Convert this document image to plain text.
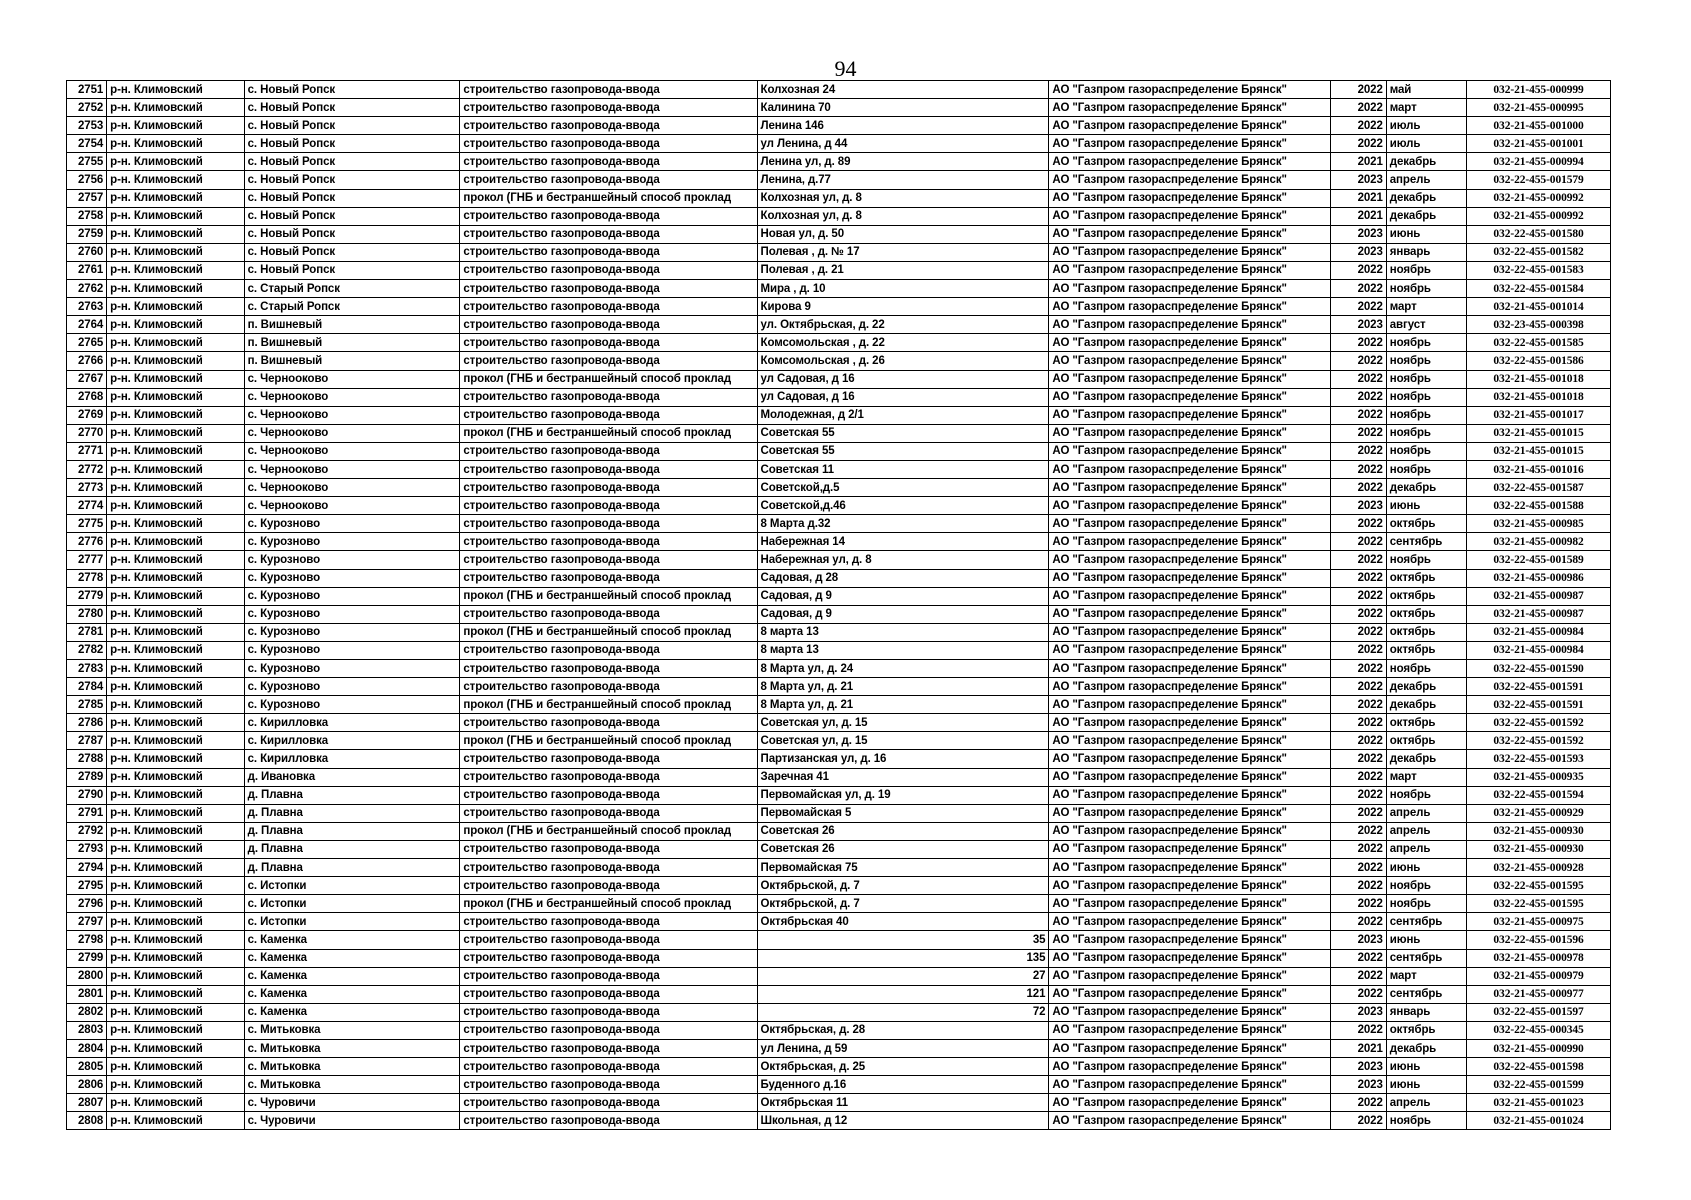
94
2751	р-н. Климовский	с. Новый Ропск	строительство газопровода-ввода	Колхозная 24	АО "Газпром газораспределение Брянск"	2022	май	032-21-455-000999
2752	р-н. Климовский	с. Новый Ропск	строительство газопровода-ввода	Калинина 70	АО "Газпром газораспределение Брянск"	2022	март	032-21-455-000995
2753	р-н. Климовский	с. Новый Ропск	строительство газопровода-ввода	Ленина 146	АО "Газпром газораспределение Брянск"	2022	июль	032-21-455-001000
2754	р-н. Климовский	с. Новый Ропск	строительство газопровода-ввода	ул Ленина, д 44	АО "Газпром газораспределение Брянск"	2022	июль	032-21-455-001001
2755	р-н. Климовский	с. Новый Ропск	строительство газопровода-ввода	Ленина ул, д. 89	АО "Газпром газораспределение Брянск"	2021	декабрь	032-21-455-000994
2756	р-н. Климовский	с. Новый Ропск	строительство газопровода-ввода	Ленина, д.77	АО "Газпром газораспределение Брянск"	2023	апрель	032-22-455-001579
2757	р-н. Климовский	с. Новый Ропск	прокол (ГНБ и бестраншейный способ проклад	Колхозная ул, д. 8	АО "Газпром газораспределение Брянск"	2021	декабрь	032-21-455-000992
2758	р-н. Климовский	с. Новый Ропск	строительство газопровода-ввода	Колхозная ул, д. 8	АО "Газпром газораспределение Брянск"	2021	декабрь	032-21-455-000992
2759	р-н. Климовский	с. Новый Ропск	строительство газопровода-ввода	Новая ул, д. 50	АО "Газпром газораспределение Брянск"	2023	июнь	032-22-455-001580
2760	р-н. Климовский	с. Новый Ропск	строительство газопровода-ввода	Полевая , д. № 17	АО "Газпром газораспределение Брянск"	2023	январь	032-22-455-001582
2761	р-н. Климовский	с. Новый Ропск	строительство газопровода-ввода	Полевая , д. 21	АО "Газпром газораспределение Брянск"	2022	ноябрь	032-22-455-001583
2762	р-н. Климовский	с. Старый Ропск	строительство газопровода-ввода	Мира , д. 10	АО "Газпром газораспределение Брянск"	2022	ноябрь	032-22-455-001584
2763	р-н. Климовский	с. Старый Ропск	строительство газопровода-ввода	Кирова 9	АО "Газпром газораспределение Брянск"	2022	март	032-21-455-001014
2764	р-н. Климовский	п. Вишневый	строительство газопровода-ввода	ул. Октябрьская, д. 22	АО "Газпром газораспределение Брянск"	2023	август	032-23-455-000398
2765	р-н. Климовский	п. Вишневый	строительство газопровода-ввода	Комсомольская , д. 22	АО "Газпром газораспределение Брянск"	2022	ноябрь	032-22-455-001585
2766	р-н. Климовский	п. Вишневый	строительство газопровода-ввода	Комсомольская , д. 26	АО "Газпром газораспределение Брянск"	2022	ноябрь	032-22-455-001586
2767	р-н. Климовский	с. Чернооково	прокол (ГНБ и бестраншейный способ проклад	ул Садовая, д 16	АО "Газпром газораспределение Брянск"	2022	ноябрь	032-21-455-001018
2768	р-н. Климовский	с. Чернооково	строительство газопровода-ввода	ул Садовая, д 16	АО "Газпром газораспределение Брянск"	2022	ноябрь	032-21-455-001018
2769	р-н. Климовский	с. Чернооково	строительство газопровода-ввода	Молодежная, д 2/1	АО "Газпром газораспределение Брянск"	2022	ноябрь	032-21-455-001017
2770	р-н. Климовский	с. Чернооково	прокол (ГНБ и бестраншейный способ проклад	Советская 55	АО "Газпром газораспределение Брянск"	2022	ноябрь	032-21-455-001015
2771	р-н. Климовский	с. Чернооково	строительство газопровода-ввода	Советская 55	АО "Газпром газораспределение Брянск"	2022	ноябрь	032-21-455-001015
2772	р-н. Климовский	с. Чернооково	строительство газопровода-ввода	Советская 11	АО "Газпром газораспределение Брянск"	2022	ноябрь	032-21-455-001016
2773	р-н. Климовский	с. Чернооково	строительство газопровода-ввода	Советской,д.5	АО "Газпром газораспределение Брянск"	2022	декабрь	032-22-455-001587
2774	р-н. Климовский	с. Чернооково	строительство газопровода-ввода	Советской,д.46	АО "Газпром газораспределение Брянск"	2023	июнь	032-22-455-001588
2775	р-н. Климовский	с. Курозново	строительство газопровода-ввода	8 Марта д.32	АО "Газпром газораспределение Брянск"	2022	октябрь	032-21-455-000985
2776	р-н. Климовский	с. Курозново	строительство газопровода-ввода	Набережная 14	АО "Газпром газораспределение Брянск"	2022	сентябрь	032-21-455-000982
2777	р-н. Климовский	с. Курозново	строительство газопровода-ввода	Набережная ул, д. 8	АО "Газпром газораспределение Брянск"	2022	ноябрь	032-22-455-001589
2778	р-н. Климовский	с. Курозново	строительство газопровода-ввода	Садовая, д 28	АО "Газпром газораспределение Брянск"	2022	октябрь	032-21-455-000986
2779	р-н. Климовский	с. Курозново	прокол (ГНБ и бестраншейный способ проклад	Садовая, д 9	АО "Газпром газораспределение Брянск"	2022	октябрь	032-21-455-000987
2780	р-н. Климовский	с. Курозново	строительство газопровода-ввода	Садовая, д 9	АО "Газпром газораспределение Брянск"	2022	октябрь	032-21-455-000987
2781	р-н. Климовский	с. Курозново	прокол (ГНБ и бестраншейный способ проклад	8 марта 13	АО "Газпром газораспределение Брянск"	2022	октябрь	032-21-455-000984
2782	р-н. Климовский	с. Курозново	строительство газопровода-ввода	8 марта 13	АО "Газпром газораспределение Брянск"	2022	октябрь	032-21-455-000984
2783	р-н. Климовский	с. Курозново	строительство газопровода-ввода	8 Марта ул, д. 24	АО "Газпром газораспределение Брянск"	2022	ноябрь	032-22-455-001590
2784	р-н. Климовский	с. Курозново	строительство газопровода-ввода	8 Марта ул, д. 21	АО "Газпром газораспределение Брянск"	2022	декабрь	032-22-455-001591
2785	р-н. Климовский	с. Курозново	прокол (ГНБ и бестраншейный способ проклад	8 Марта ул, д. 21	АО "Газпром газораспределение Брянск"	2022	декабрь	032-22-455-001591
2786	р-н. Климовский	с. Кирилловка	строительство газопровода-ввода	Советская ул, д. 15	АО "Газпром газораспределение Брянск"	2022	октябрь	032-22-455-001592
2787	р-н. Климовский	с. Кирилловка	прокол (ГНБ и бестраншейный способ проклад	Советская ул, д. 15	АО "Газпром газораспределение Брянск"	2022	октябрь	032-22-455-001592
2788	р-н. Климовский	с. Кирилловка	строительство газопровода-ввода	Партизанская ул, д. 16	АО "Газпром газораспределение Брянск"	2022	декабрь	032-22-455-001593
2789	р-н. Климовский	д. Ивановка	строительство газопровода-ввода	Заречная 41	АО "Газпром газораспределение Брянск"	2022	март	032-21-455-000935
2790	р-н. Климовский	д. Плавна	строительство газопровода-ввода	Первомайская ул, д. 19	АО "Газпром газораспределение Брянск"	2022	ноябрь	032-22-455-001594
2791	р-н. Климовский	д. Плавна	строительство газопровода-ввода	Первомайская 5	АО "Газпром газораспределение Брянск"	2022	апрель	032-21-455-000929
2792	р-н. Климовский	д. Плавна	прокол (ГНБ и бестраншейный способ проклад	Советская 26	АО "Газпром газораспределение Брянск"	2022	апрель	032-21-455-000930
2793	р-н. Климовский	д. Плавна	строительство газопровода-ввода	Советская 26	АО "Газпром газораспределение Брянск"	2022	апрель	032-21-455-000930
2794	р-н. Климовский	д. Плавна	строительство газопровода-ввода	Первомайская 75	АО "Газпром газораспределение Брянск"	2022	июнь	032-21-455-000928
2795	р-н. Климовский	с. Истопки	строительство газопровода-ввода	Октябрьской, д. 7	АО "Газпром газораспределение Брянск"	2022	ноябрь	032-22-455-001595
2796	р-н. Климовский	с. Истопки	прокол (ГНБ и бестраншейный способ проклад	Октябрьской, д. 7	АО "Газпром газораспределение Брянск"	2022	ноябрь	032-22-455-001595
2797	р-н. Климовский	с. Истопки	строительство газопровода-ввода	Октябрьская 40	АО "Газпром газораспределение Брянск"	2022	сентябрь	032-21-455-000975
2798	р-н. Климовский	с. Каменка	строительство газопровода-ввода	35	АО "Газпром газораспределение Брянск"	2023	июнь	032-22-455-001596
2799	р-н. Климовский	с. Каменка	строительство газопровода-ввода	135	АО "Газпром газораспределение Брянск"	2022	сентябрь	032-21-455-000978
2800	р-н. Климовский	с. Каменка	строительство газопровода-ввода	27	АО "Газпром газораспределение Брянск"	2022	март	032-21-455-000979
2801	р-н. Климовский	с. Каменка	строительство газопровода-ввода	121	АО "Газпром газораспределение Брянск"	2022	сентябрь	032-21-455-000977
2802	р-н. Климовский	с. Каменка	строительство газопровода-ввода	72	АО "Газпром газораспределение Брянск"	2023	январь	032-22-455-001597
2803	р-н. Климовский	с. Митьковка	строительство газопровода-ввода	Октябрьская, д. 28	АО "Газпром газораспределение Брянск"	2022	октябрь	032-22-455-000345
2804	р-н. Климовский	с. Митьковка	строительство газопровода-ввода	ул Ленина, д 59	АО "Газпром газораспределение Брянск"	2021	декабрь	032-21-455-000990
2805	р-н. Климовский	с. Митьковка	строительство газопровода-ввода	Октябрьская, д. 25	АО "Газпром газораспределение Брянск"	2023	июнь	032-22-455-001598
2806	р-н. Климовский	с. Митьковка	строительство газопровода-ввода	Буденного д.16	АО "Газпром газораспределение Брянск"	2023	июнь	032-22-455-001599
2807	р-н. Климовский	с. Чуровичи	строительство газопровода-ввода	Октябрьская 11	АО "Газпром газораспределение Брянск"	2022	апрель	032-21-455-001023
2808	р-н. Климовский	с. Чуровичи	строительство газопровода-ввода	Школьная, д 12	АО "Газпром газораспределение Брянск"	2022	ноябрь	032-21-455-001024
